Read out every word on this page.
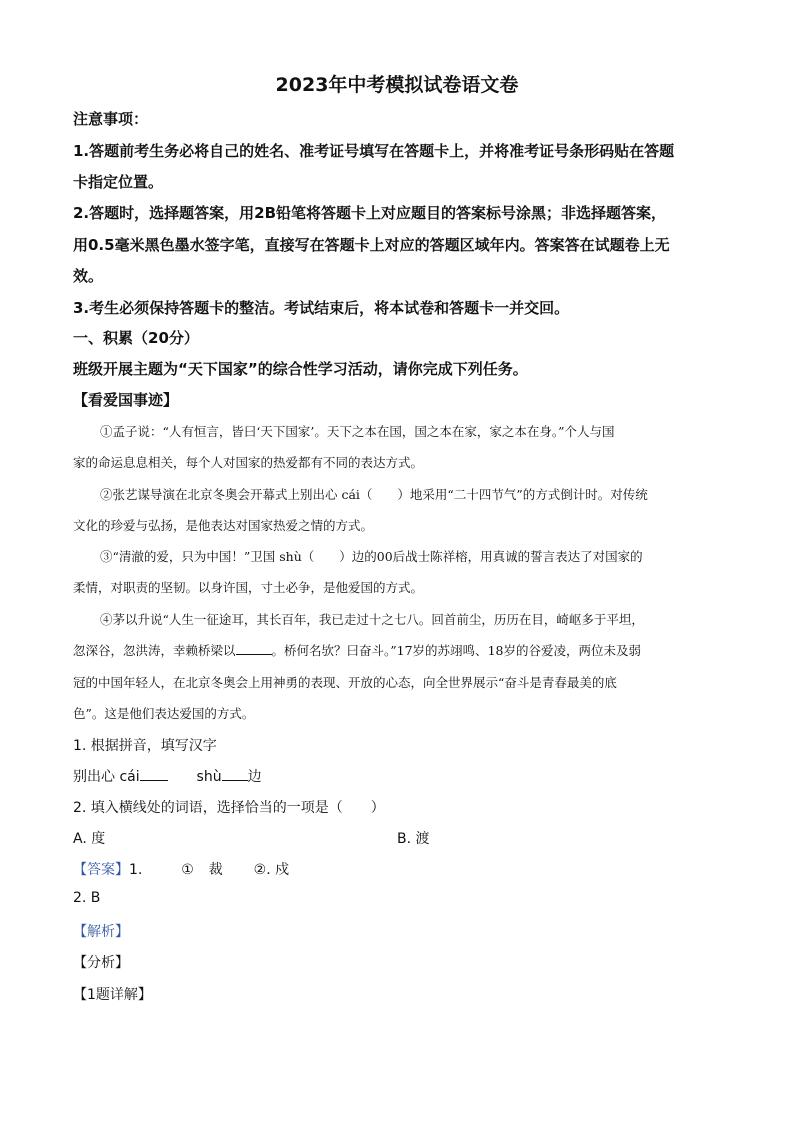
2023年中考模拟试卷语文卷
注意事项：
1.答题前考生务必将自己的姓名、准考证号填写在答题卡上，并将准考证号条形码贴在答题
卡指定位置。
2.答题时，选择题答案，用2B铅笔将答题卡上对应题目的答案标号涂黑；非选择题答案，
用0.5毫米黑色墨水签字笔，直接写在答题卡上对应的答题区域年内。答案答在试题卷上无
效。
3.考生必须保持答题卡的整洁。考试结束后，将本试卷和答题卡一并交回。
一、积累（20分）
班级开展主题为“天下国家”的综合性学习活动，请你完成下列任务。
【看爱国事迹】
①孟子说：“人有恒言，皆曰‘天下国家’。天下之本在国，国之本在家，家之本在身。”个人与国
家的命运息息相关，每个人对国家的热爱都有不同的表达方式。
②张艺谋导演在北京冬奥会开幕式上别出心 cái（　　）地采用“二十四节气”的方式倒计时。对传统
文化的珍爱与弘扬，是他表达对国家热爱之情的方式。
③“清澈的爱，只为中国！”卫国 shù（　　）边的00后战士陈祥榕，用真诚的誓言表达了对国家的
柔情，对职责的坚韧。以身许国，寸土必争，是他爱国的方式。
④茅以升说“人生一征途耳，其长百年，我已走过十之七八。回首前尘，历历在目，崎岖多于平坦，
忽深谷，忽洪涛，幸赖桥梁以	。桥何名欤？曰奋斗。”17岁的苏翊鸣、18岁的谷爱凌，两位未及弱
冠的中国年轻人，在北京冬奥会上用神勇的表现、开放的心态，向全世界展示“奋斗是青春最美的底
色”。这是他们表达爱国的方式。
1. 根据拼音，填写汉字
别出心 cái	shù 边
2. 填入横线处的词语，选择恰当的一项是（　　）
A. 度	B. 渡
【答案】1.	① 裁 ②. 戍
2. B
【解析】
【分析】
【1题详解】
